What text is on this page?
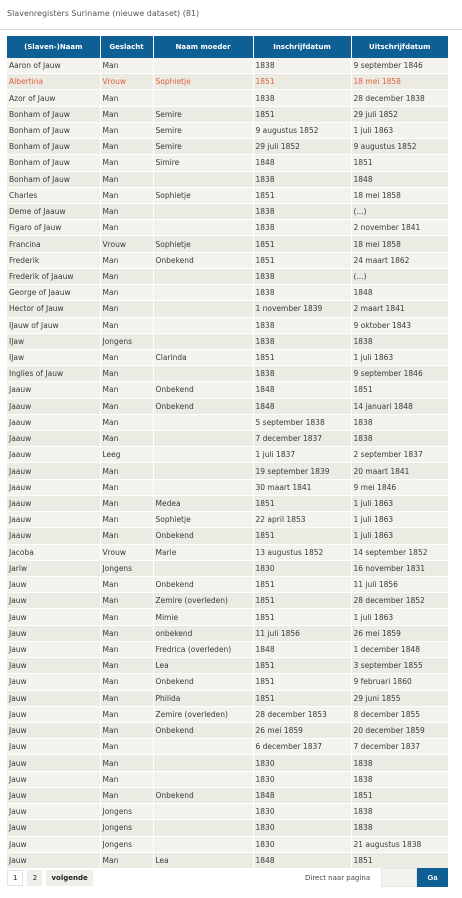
Slavenregisters Suriname (nieuwe dataset) (81)
(Slaven-)Naam	Geslacht	Naam moeder	Inschrijfdatum	Uitschrijfdatum
Aaron of Jauw	Man		1838	9 september 1846
Albertina	Vrouw	Sophietje	1851	18 mei 1858
Azor of Jauw	Man		1838	28 december 1838
Bonham of Jauw	Man	Semire	1851	29 juli 1852
Bonham of Jauw	Man	Semire	9 augustus 1852	1 juli 1863
Bonham of Jauw	Man	Semire	29 juli 1852	9 augustus 1852
Bonham of Jauw	Man	Simire	1848	1851
Bonham of Jauw	Man		1838	1848
Charles	Man	Sophietje	1851	18 mei 1858
Deme of Jaauw	Man		1838	(...)
Figaro of Jauw	Man		1838	2 november 1841
Francina	Vrouw	Sophietje	1851	18 mei 1858
Frederik	Man	Onbekend	1851	24 maart 1862
Frederik of Jaauw	Man		1838	(...)
George of Jaauw	Man		1838	1848
Hector of Jauw	Man		1 november 1839	2 maart 1841
IJauw of Jauw	Man		1838	9 oktober 1843
IJaw	Jongens		1838	1838
IJaw	Man	Clarinda	1851	1 juli 1863
Inglies of Jauw	Man		1838	9 september 1846
Jaauw	Man	Onbekend	1848	1851
Jaauw	Man	Onbekend	1848	14 januari 1848
Jaauw	Man		5 september 1838	1838
Jaauw	Man		7 december 1837	1838
Jaauw	Leeg		1 juli 1837	2 september 1837
Jaauw	Man		19 september 1839	20 maart 1841
Jaauw	Man		30 maart 1841	9 mei 1846
Jaauw	Man	Medea	1851	1 juli 1863
Jaauw	Man	Sophietje	22 april 1853	1 juli 1863
Jaauw	Man	Onbekend	1851	1 juli 1863
Jacoba	Vrouw	Marie	13 augustus 1852	14 september 1852
Jariw	Jongens		1830	16 november 1831
Jauw	Man	Onbekend	1851	11 juli 1856
Jauw	Man	Zemire (overleden)	1851	28 december 1852
Jauw	Man	Mimie	1851	1 juli 1863
Jauw	Man	onbekend	11 juli 1856	26 mei 1859
Jauw	Man	Fredrica (overleden)	1848	1 december 1848
Jauw	Man	Lea	1851	3 september 1855
Jauw	Man	Onbekend	1851	9 februari 1860
Jauw	Man	Philida	1851	29 juni 1855
Jauw	Man	Zemire (overleden)	28 december 1853	8 december 1855
Jauw	Man	Onbekend	26 mei 1859	20 december 1859
Jauw	Man		6 december 1837	7 december 1837
Jauw	Man		1830	1838
Jauw	Man		1830	1838
Jauw	Man	Onbekend	1848	1851
Jauw	Jongens		1830	1838
Jauw	Jongens		1830	1838
Jauw	Jongens		1830	21 augustus 1838
Jauw	Man	Lea	1848	1851
1	2	volgende	Direct naar pagina	Ga
